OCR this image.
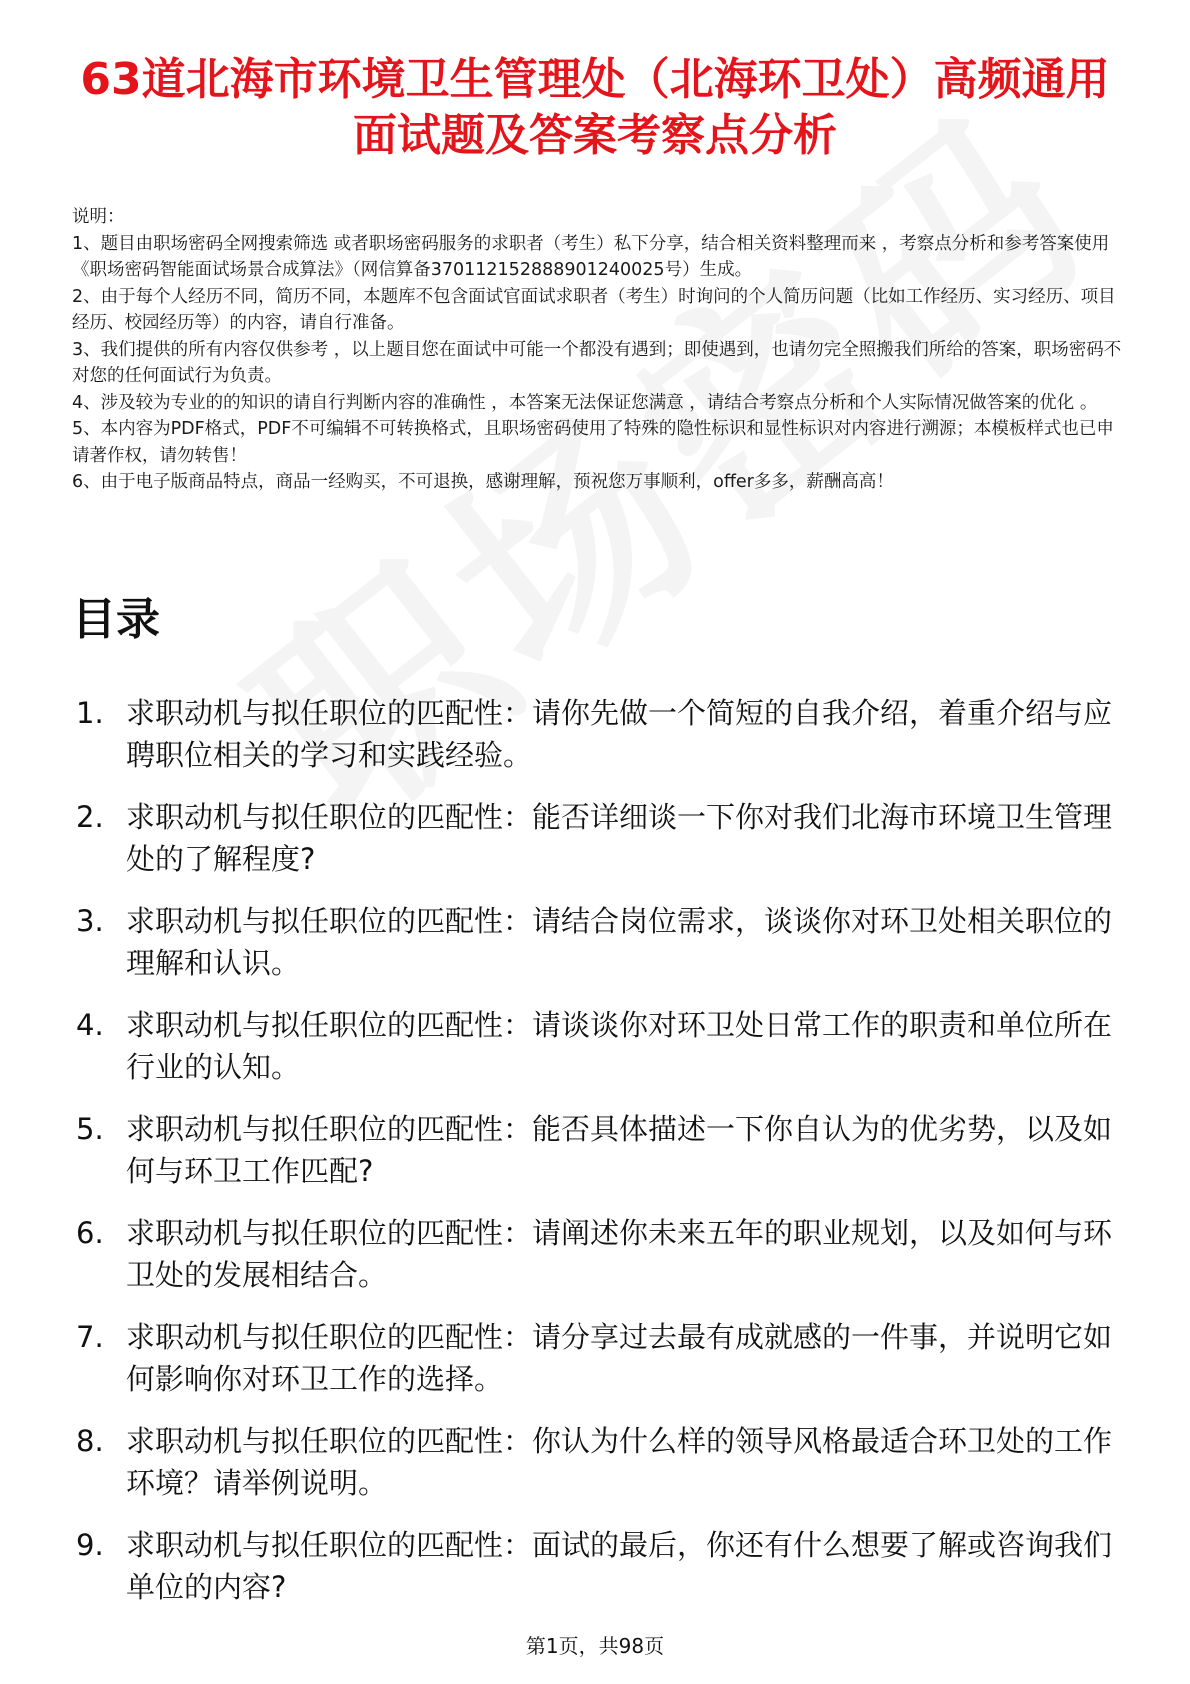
63道北海市环境卫生管理处（北海环卫处）高频通用面试题及答案考察点分析

说明：

1、题目由职场密码全网搜索筛选 或者职场密码服务的求职者（考生）私下分享，结合相关资料整理而来 ，考察点分析和参考答案使用《职场密码智能面试场景合成算法》（网信算备370112152888901240025号）生成。

2、由于每个人经历不同，简历不同，本题库不包含面试官面试求职者（考生）时询问的个人简历问题（比如工作经历、实习经历、项目经历、校园经历等）的内容，请自行准备。

3、我们提供的所有内容仅供参考 ，以上题目您在面试中可能一个都没有遇到；即使遇到，也请勿完全照搬我们所给的答案，职场密码不对您的任何面试行为负责。

4、涉及较为专业的的知识的请自行判断内容的准确性 ，本答案无法保证您满意 ，请结合考察点分析和个人实际情况做答案的优化 。

5、本内容为PDF格式，PDF不可编辑不可转换格式，且职场密码使用了特殊的隐性标识和显性标识对内容进行溯源；本模板样式也已申请著作权，请勿转售！

6、由于电子版商品特点，商品一经购买，不可退换，感谢理解，预祝您万事顺利，offer多多，薪酬高高！

目录
1. 求职动机与拟任职位的匹配性：请你先做一个简短的自我介绍，着重介绍与应聘职位相关的学习和实践经验。
2. 求职动机与拟任职位的匹配性：能否详细谈一下你对我们北海市环境卫生管理处的了解程度?
3. 求职动机与拟任职位的匹配性：请结合岗位需求，谈谈你对环卫处相关职位的理解和认识。
4. 求职动机与拟任职位的匹配性：请谈谈你对环卫处日常工作的职责和单位所在行业的认知。
5. 求职动机与拟任职位的匹配性：能否具体描述一下你自认为的优劣势，以及如何与环卫工作匹配?
6. 求职动机与拟任职位的匹配性：请阐述你未来五年的职业规划，以及如何与环卫处的发展相结合。
7. 求职动机与拟任职位的匹配性：请分享过去最有成就感的一件事，并说明它如何影响你对环卫工作的选择。
8. 求职动机与拟任职位的匹配性：你认为什么样的领导风格最适合环卫处的工作环境？请举例说明。
9. 求职动机与拟任职位的匹配性：面试的最后，你还有什么想要了解或咨询我们单位的内容?
第1页，共98页
